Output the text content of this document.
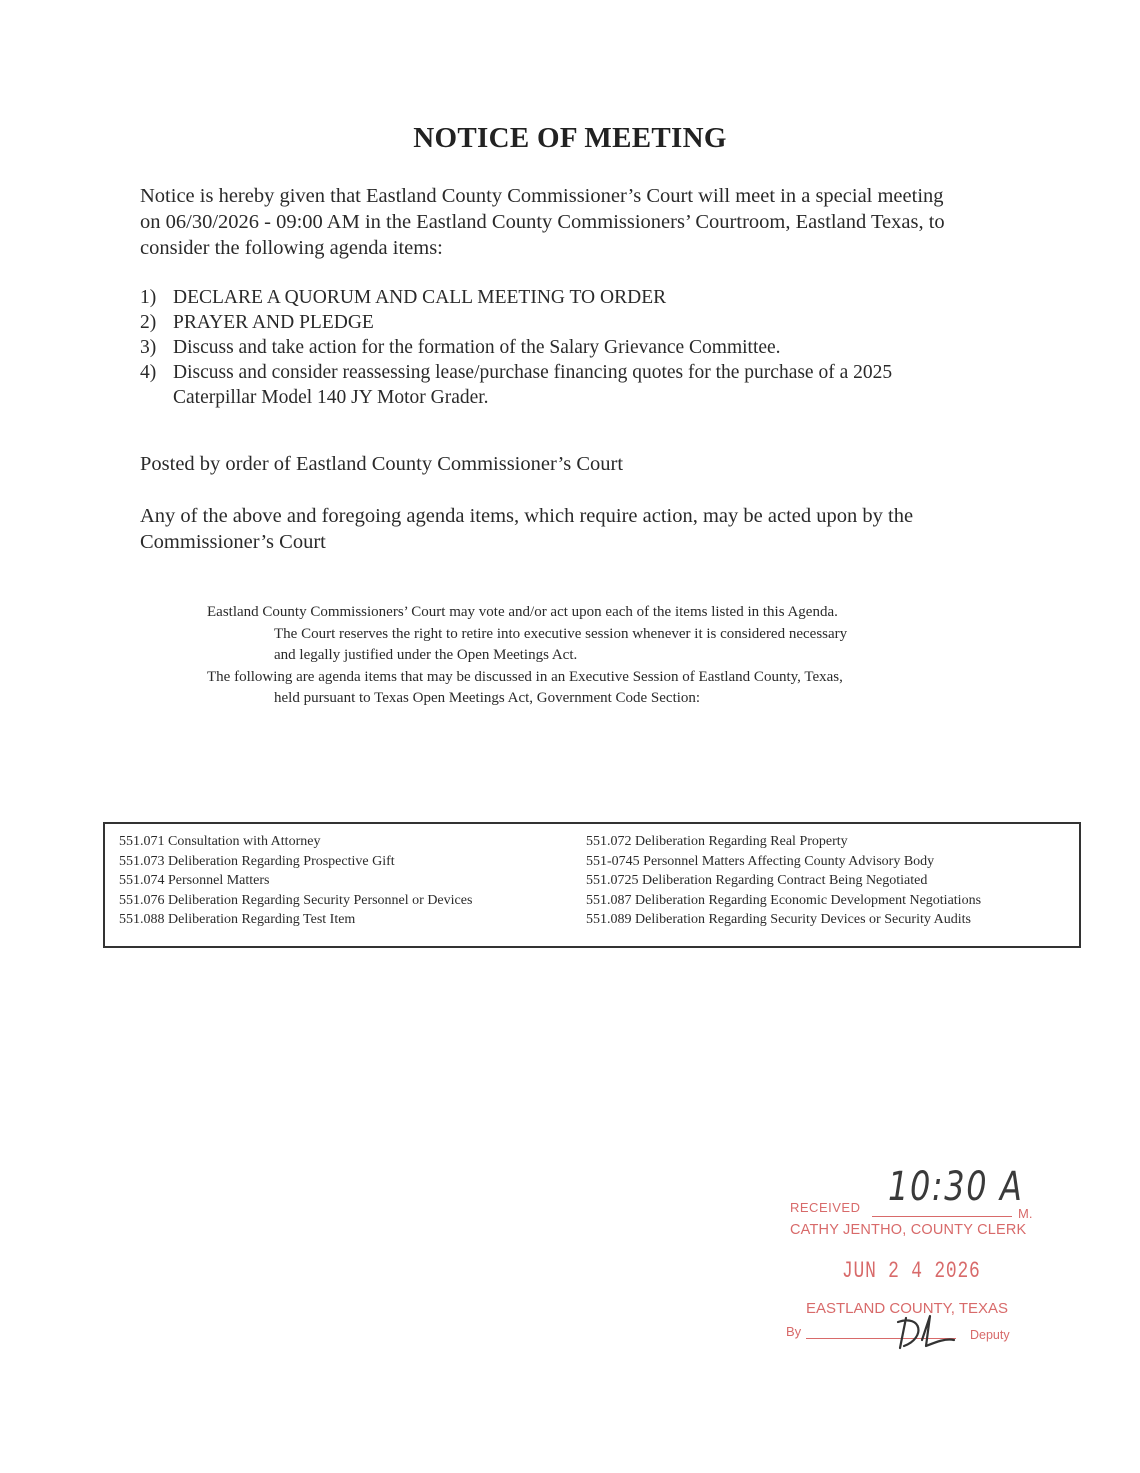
NOTICE OF MEETING
Notice is hereby given that Eastland County Commissioner’s Court will meet in a special meeting on 06/30/2026 - 09:00 AM in the Eastland County Commissioners’ Courtroom, Eastland Texas, to consider the following agenda items:
1) DECLARE A QUORUM AND CALL MEETING TO ORDER
2) PRAYER AND PLEDGE
3) Discuss and take action for the formation of the Salary Grievance Committee.
4) Discuss and consider reassessing lease/purchase financing quotes for the purchase of a 2025 Caterpillar Model 140 JY Motor Grader.
Posted by order of Eastland County Commissioner’s Court
Any of the above and foregoing agenda items, which require action, may be acted upon by the Commissioner’s Court
Eastland County Commissioners’ Court may vote and/or act upon each of the items listed in this Agenda.
The Court reserves the right to retire into executive session whenever it is considered necessary
and legally justified under the Open Meetings Act.
The following are agenda items that may be discussed in an Executive Session of Eastland County, Texas,
held pursuant to Texas Open Meetings Act, Government Code Section:
551.071 Consultation with Attorney
551.073 Deliberation Regarding Prospective Gift
551.074 Personnel Matters
551.076 Deliberation Regarding Security Personnel or Devices
551.088 Deliberation Regarding Test Item
551.072 Deliberation Regarding Real Property
551-0745 Personnel Matters Affecting County Advisory Body
551.0725 Deliberation Regarding Contract Being Negotiated
551.087 Deliberation Regarding Economic Development Negotiations
551.089 Deliberation Regarding Security Devices or Security Audits
10:30 A
RECEIVED	M.
CATHY JENTHO, COUNTY CLERK
JUN 2 4 2026
EASTLAND COUNTY, TEXAS
By	Deputy
